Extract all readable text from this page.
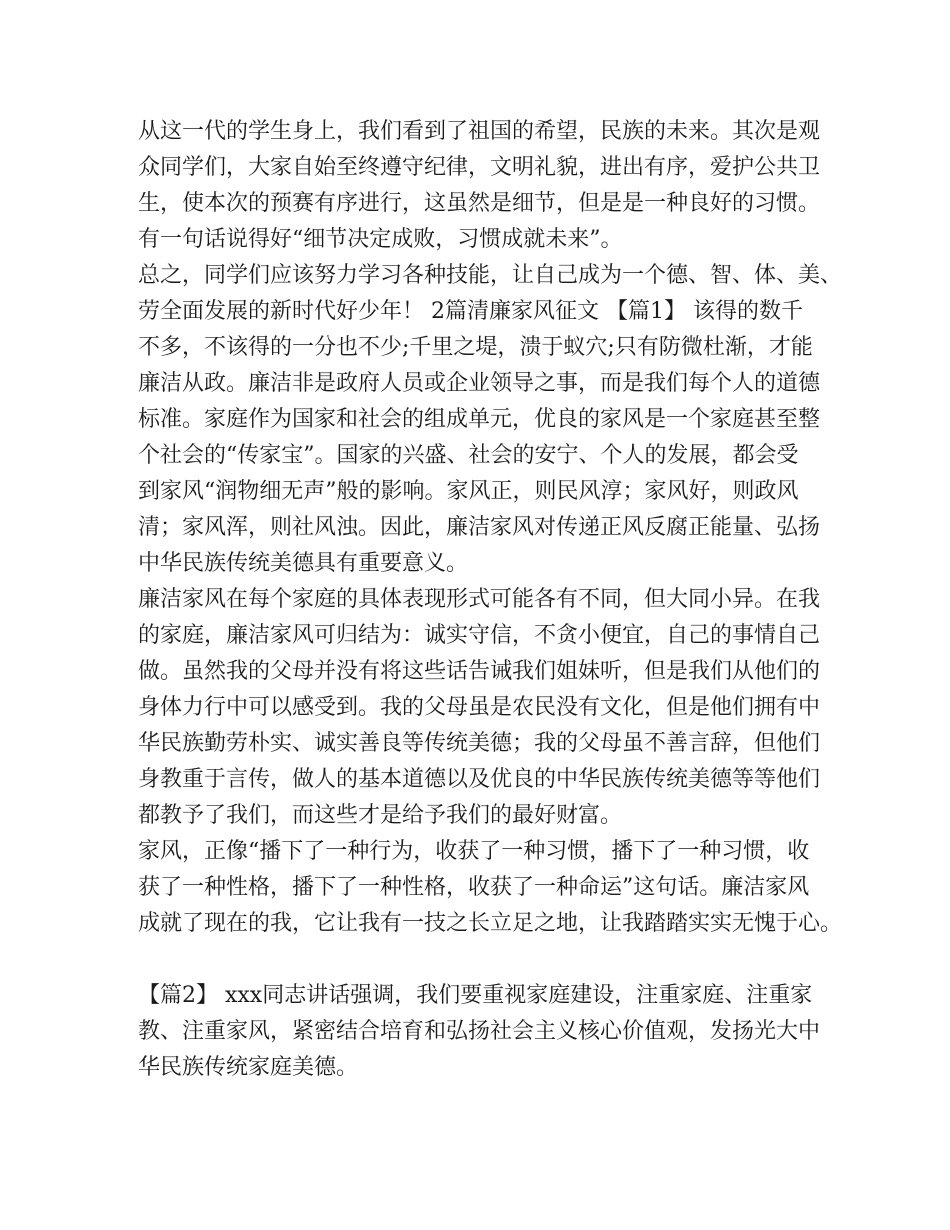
从这一代的学生身上，我们看到了祖国的希望，民族的未来。其次是观
众同学们，大家自始至终遵守纪律，文明礼貌，进出有序，爱护公共卫
生，使本次的预赛有序进行，这虽然是细节，但是是一种良好的习惯。
有一句话说得好“细节决定成败，习惯成就未来”。
总之，同学们应该努力学习各种技能，让自己成为一个德、智、体、美、
劳全面发展的新时代好少年！ 2篇清廉家风征文 【篇1】 该得的数千
不多，不该得的一分也不少;千里之堤，溃于蚁穴;只有防微杜渐，才能
廉洁从政。廉洁非是政府人员或企业领导之事，而是我们每个人的道德
标准。家庭作为国家和社会的组成单元，优良的家风是一个家庭甚至整
个社会的“传家宝”。国家的兴盛、社会的安宁、个人的发展，都会受
到家风“润物细无声”般的影响。家风正，则民风淳；家风好，则政风
清；家风浑，则社风浊。因此，廉洁家风对传递正风反腐正能量、弘扬
中华民族传统美德具有重要意义。
廉洁家风在每个家庭的具体表现形式可能各有不同，但大同小异。在我
的家庭，廉洁家风可归结为：诚实守信，不贪小便宜，自己的事情自己
做。虽然我的父母并没有将这些话告诫我们姐妹听，但是我们从他们的
身体力行中可以感受到。我的父母虽是农民没有文化，但是他们拥有中
华民族勤劳朴实、诚实善良等传统美德；我的父母虽不善言辞，但他们
身教重于言传，做人的基本道德以及优良的中华民族传统美德等等他们
都教予了我们，而这些才是给予我们的最好财富。
家风，正像“播下了一种行为，收获了一种习惯，播下了一种习惯，收
获了一种性格，播下了一种性格，收获了一种命运”这句话。廉洁家风
成就了现在的我，它让我有一技之长立足之地，让我踏踏实实无愧于心。
【篇2】 xxx同志讲话强调，我们要重视家庭建设，注重家庭、注重家
教、注重家风，紧密结合培育和弘扬社会主义核心价值观，发扬光大中
华民族传统家庭美德。
